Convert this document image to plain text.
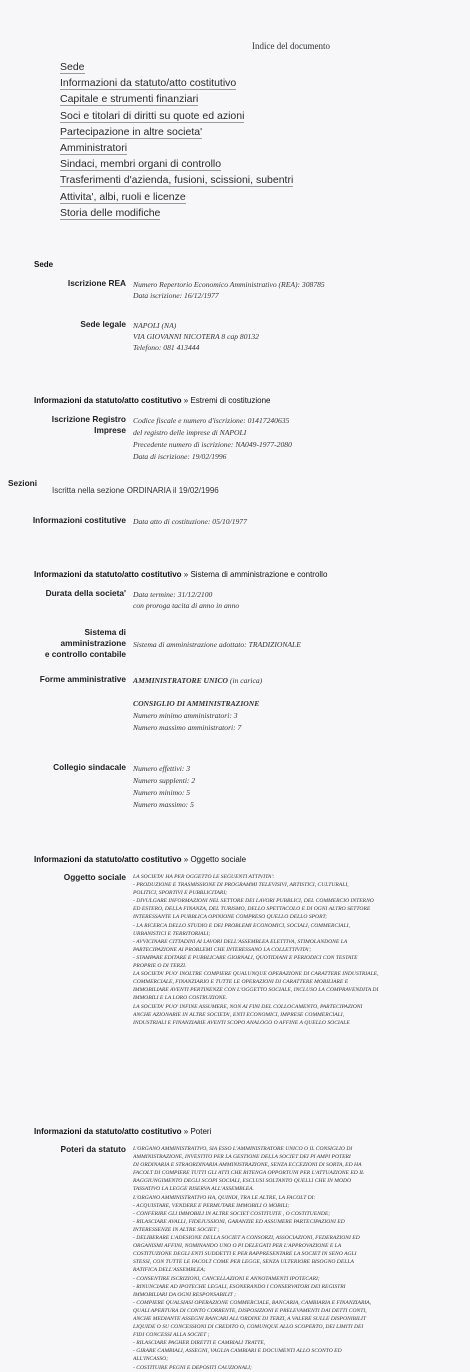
Indice del documento
Sede
Informazioni da statuto/atto costitutivo
Capitale e strumenti finanziari
Soci e titolari di diritti su quote ed azioni
Partecipazione in altre societa'
Amministratori
Sindaci, membri organi di controllo
Trasferimenti d'azienda, fusioni, scissioni, subentri
Attivita', albi, ruoli e licenze
Storia delle modifiche
Sede
Iscrizione REA Numero Repertorio Economico Amministrativo (REA): 308785
Data iscrizione: 16/12/1977
Sede legale NAPOLI (NA)
VIA GIOVANNI NICOTERA 8 cap 80132
Telefono: 081 413444
Informazioni da statuto/atto costitutivo » Estremi di costituzione
Iscrizione Registro
Imprese
Codice fiscale e numero d'iscrizione: 01417240635
del registro delle imprese di NAPOLI
Precedente numero di iscrizione: NA049-1977-2080
Data di iscrizione: 19/02/1996
Sezioni
Iscritta nella sezione ORDINARIA il 19/02/1996
Informazioni costitutive Data atto di costituzione: 05/10/1977
Informazioni da statuto/atto costitutivo » Sistema di amministrazione e controllo
Durata della societa' Data termine: 31/12/2100
con proroga tacita di anno in anno
Sistema di
amministrazione
e controllo contabile
Sistema di amministrazione adottato: TRADIZIONALE
Forme amministrative AMMINISTRATORE UNICO (in carica)
CONSIGLIO DI AMMINISTRAZIONE
Numero minimo amministratori: 3
Numero massimo amministratori: 7
Collegio sindacale Numero effettivi: 3
Numero supplenti: 2
Numero minimo: 5
Numero massimo: 5
Informazioni da statuto/atto costitutivo » Oggetto sociale
Oggetto sociale LA SOCIETA' HA PER OGGETTO LE SEGUENTI ATTIVITA':
- PRODUZIONE E TRASMISSIONE DI PROGRAMMI TELEVISIVI, ARTISTICI, CULTURALI,
POLITICI, SPORTIVI E PUBBLICITARI;
- DIVULGARE INFORMAZIONI NEL SETTORE DEI LAVORI PUBBLICI, DEL COMMERCIO INTERNO
ED ESTERO, DELLA FINANZA, DEL TURISMO, DELLO SPETTACOLO E DI OGNI ALTRO SETTORE
INTERESSANTE LA PUBBLICA OPINIONE COMPRESO QUELLO DELLO SPORT;
- LA RICERCA DELLO STUDIO E DEI PROBLEMI ECONOMICI, SOCIALI, COMMERCIALI,
URBANISTICI E TERRITORIALI;
- AVVICINARE CITTADINI AI LAVORI DELL'ASSEMBLEA ELETTIVA, STIMOLANDONE LA
PARTECIPAZIONE AI PROBLEMI CHE INTERESSANO LA COLLETTIVITA';
- STAMPARE EDITARE E PUBBLICARE GIORNALI, QUOTIDIANI E PERIODICI CON TESTATE
PROPRIE O DI TERZI.
LA SOCIETA' PUO' INOLTRE COMPIERE QUALUNQUE OPERAZIONE DI CARATTERE INDUSTRIALE,
COMMERCIALE, FINANZIARIO E TUTTE LE OPERAZIONI DI CARATTERE MOBILIARE E
IMMOBILIARE AVENTI PERTINENZE CON L'OGGETTO SOCIALE, INCLUSO LA COMPRAVENDITA DI
IMMOBILI E LA LORO COSTRUZIONE.
LA SOCIETA' PUO' INFINE ASSUMERE, NON AI FINI DEL COLLOCAMENTO, PARTECIPAZIONI
ANCHE AZIONARIE IN ALTRE SOCIETA', ENTI ECONOMICI, IMPRESE COMMERCIALI,
INDUSTRIALI E FINANZIARIE AVENTI SCOPO ANALOGO O AFFINE A QUELLO SOCIALE
Informazioni da statuto/atto costitutivo » Poteri
Poteri da statuto L'ORGANO AMMINISTRATIVO, SIA ESSO L'AMMINISTRATORE UNICO O IL CONSIGLIO DI
AMMINISTRAZIONE, INVESTITO PER LA GESTIONE DELLA SOCIET DEI PI AMPI POTERI
DI ORDINARIA E STRAORDINARIA AMMINISTRAZIONE, SENZA ECCEZIONI DI SORTA, ED HA
FACOLT DI COMPIERE TUTTI GLI ATTI CHE RITENGA OPPORTUNI PER L'ATTUAZIONE ED IL
RAGGIUNGIMENTO DEGLI SCOPI SOCIALI, ESCLUSI SOLTANTO QUELLI CHE IN MODO
TASSATIVO LA LEGGE RISERVA ALL'ASSEMBLEA.
L'ORGANO AMMINISTRATIVO HA, QUINDI, TRA LE ALTRE, LA FACOLT DI:
- ACQUISTARE, VENDERE E PERMUTARE IMMOBILI O MOBILI;
- CONFERIRE GLI IMMOBILI IN ALTRE SOCIET COSTITUITE , O COSTITUENDE;
- RILASCIARE AVALLI, FIDEJUSSIONI, GARANZIE ED ASSUMERE PARTECIPAZIONI ED
INTERESSENZE IN ALTRE SOCIET ;
- DELIBERARE L'ADESIONE DELLA SOCIET A CONSORZI, ASSOCIAZIONI, FEDERAZIONI ED
ORGANISMI AFFINI, NOMINANDO UNO O PI DELEGATI PER L'APPROVAZIONE E LA
COSTITUZIONE DEGLI ENTI SUDDETTI E PER RAPPRESENTARE LA SOCIET IN SENO AGLI
STESSI, CON TUTTE LE FACOLT COME PER LEGGE, SENZA ULTERIORE BISOGNO DELLA
RATIFICA DELL'ASSEMBLEA;
- CONSENTIRE ISCRIZIONI, CANCELLAZIONI E ANNOTAMENTI IPOTECARI;
- RINUNCIARE AD IPOTECHE LEGALI, ESONERANDO I CONSERVATORI DEI REGISTRI
IMMOBILIARI DA OGNI RESPONSABILIT ;
- COMPIERE QUALSIASI OPERAZIONE COMMERCIALE, BANCARIA, CAMBIARIA E FINANZIARIA,
QUALI APERTURA DI CONTO CORRENTE, DISPOSIZIONI E PRELEVAMENTI DAI DETTI CONTI,
ANCHE MEDIANTE ASSEGNI BANCARI ALL'ORDINE DI TERZI, A VALERE SULLE DISPONIBILIT
LIQUIDE O SU CONCESSIONI DI CREDITO O, COMUNQUE ALLO SCOPERTO, DEI LIMITI DEI
FIDI CONCESSI ALLA SOCIET ;
- RILASCIARE PAGHER DIRETTI E CAMBIALI TRATTE,
- GIRARE CAMBIALI, ASSEGNI, VAGLIA CAMBIARI E DOCUMENTI ALLO SCONTO ED
ALL'INCASSO;
- COSTITUIRE PEGNI E DEPOSITI CAUZIONALI;
